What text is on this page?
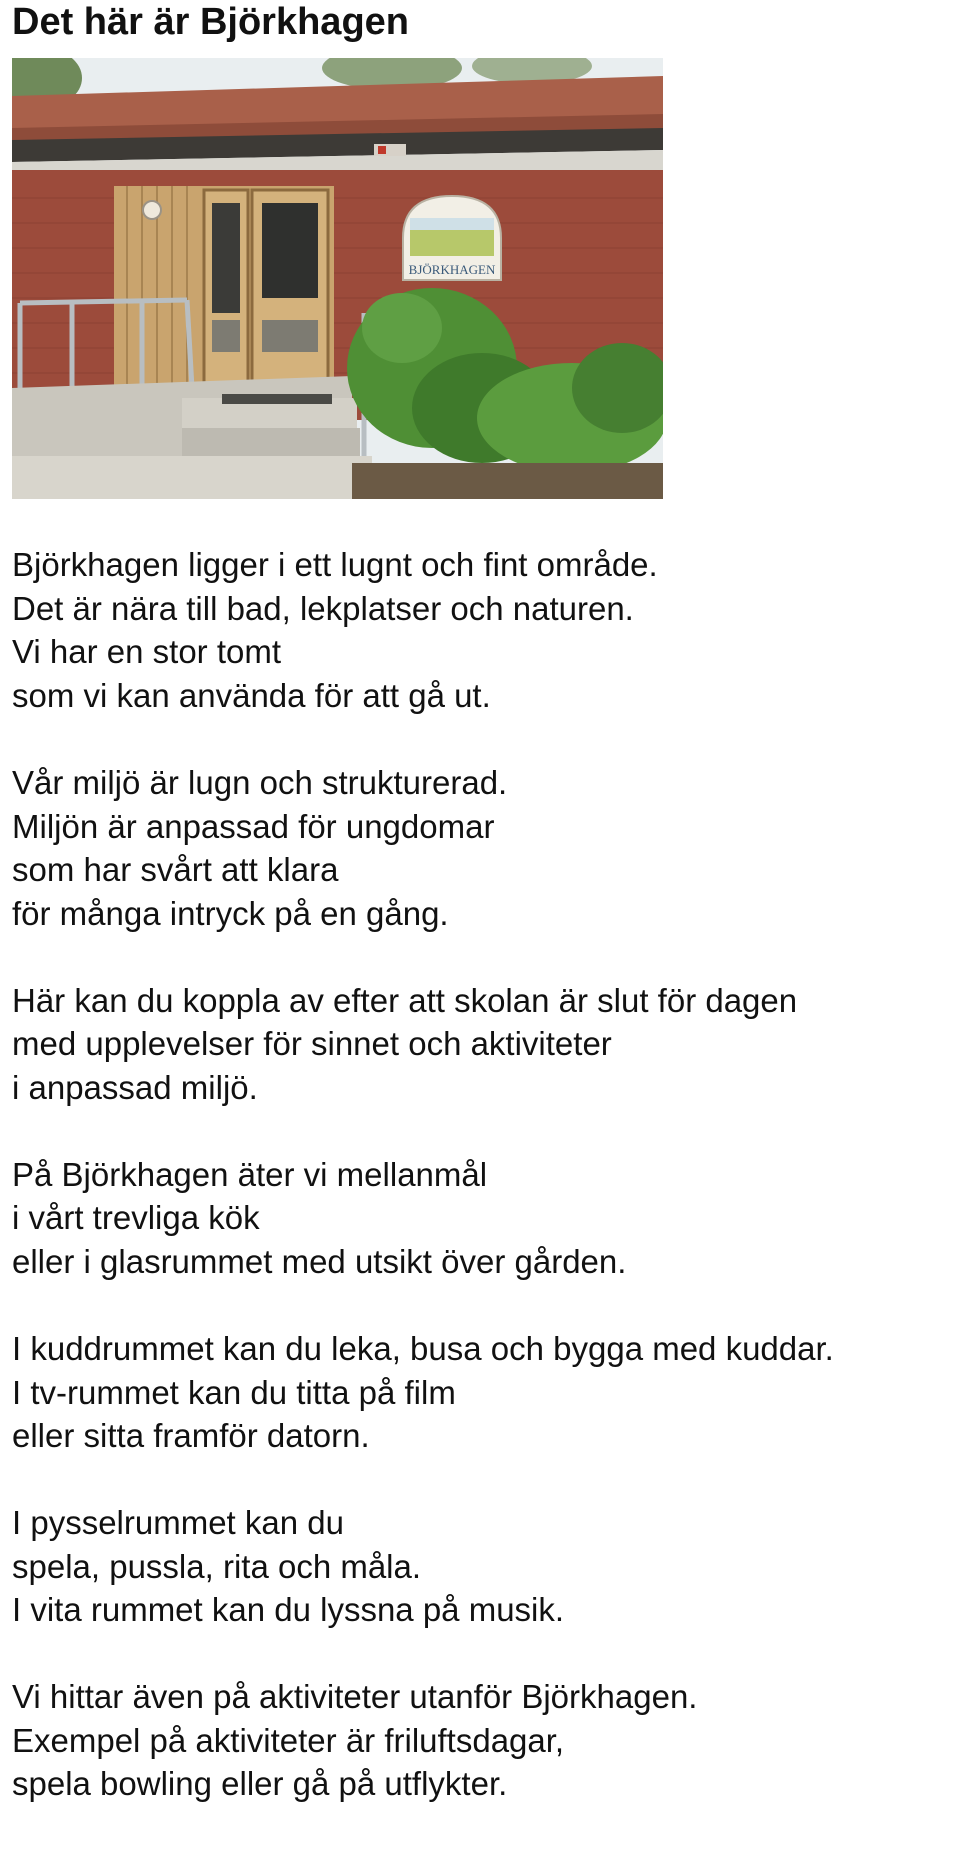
Det här är Björkhagen
BJÖRKHAGEN

Björkhagen ligger i ett lugnt och fint område.
Det är nära till bad, lekplatser och naturen.
Vi har en stor tomt
som vi kan använda för att gå ut.

Vår miljö är lugn och strukturerad.
Miljön är anpassad för ungdomar
som har svårt att klara
för många intryck på en gång.

Här kan du koppla av efter att skolan är slut för dagen
med upplevelser för sinnet och aktiviteter
i anpassad miljö.

På Björkhagen äter vi mellanmål
i vårt trevliga kök
eller i glasrummet med utsikt över gården.

I kuddrummet kan du leka, busa och bygga med kuddar.
I tv-rummet kan du titta på film
eller sitta framför datorn.

I pysselrummet kan du
spela, pussla, rita och måla.
I vita rummet kan du lyssna på musik.

Vi hittar även på aktiviteter utanför Björkhagen.
Exempel på aktiviteter är friluftsdagar,
spela bowling eller gå på utflykter.
